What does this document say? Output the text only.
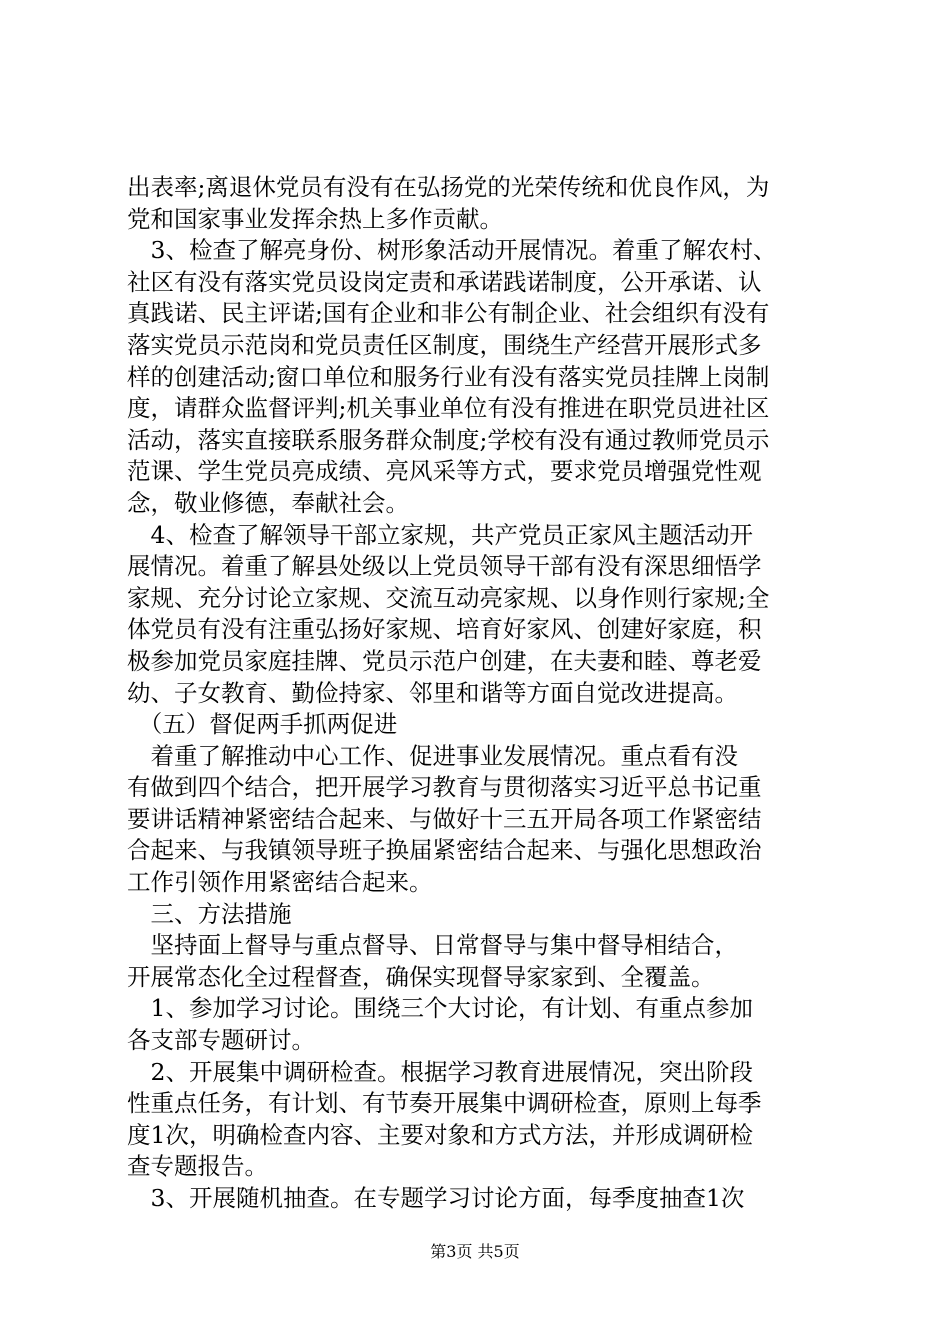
出表率;离退休党员有没有在弘扬党的光荣传统和优良作风，为
党和国家事业发挥余热上多作贡献。
　3、检查了解亮身份、树形象活动开展情况。着重了解农村、
社区有没有落实党员设岗定责和承诺践诺制度，公开承诺、认
真践诺、民主评诺;国有企业和非公有制企业、社会组织有没有
落实党员示范岗和党员责任区制度，围绕生产经营开展形式多
样的创建活动;窗口单位和服务行业有没有落实党员挂牌上岗制
度，请群众监督评判;机关事业单位有没有推进在职党员进社区
活动，落实直接联系服务群众制度;学校有没有通过教师党员示
范课、学生党员亮成绩、亮风采等方式，要求党员增强党性观
念，敬业修德，奉献社会。
　4、检查了解领导干部立家规，共产党员正家风主题活动开
展情况。着重了解县处级以上党员领导干部有没有深思细悟学
家规、充分讨论立家规、交流互动亮家规、以身作则行家规;全
体党员有没有注重弘扬好家规、培育好家风、创建好家庭，积
极参加党员家庭挂牌、党员示范户创建，在夫妻和睦、尊老爱
幼、子女教育、勤俭持家、邻里和谐等方面自觉改进提高。
　（五）督促两手抓两促进
　着重了解推动中心工作、促进事业发展情况。重点看有没
有做到四个结合，把开展学习教育与贯彻落实习近平总书记重
要讲话精神紧密结合起来、与做好十三五开局各项工作紧密结
合起来、与我镇领导班子换届紧密结合起来、与强化思想政治
工作引领作用紧密结合起来。
　三、方法措施
　坚持面上督导与重点督导、日常督导与集中督导相结合，
开展常态化全过程督查，确保实现督导家家到、全覆盖。
　1、参加学习讨论。围绕三个大讨论，有计划、有重点参加
各支部专题研讨。
　2、开展集中调研检查。根据学习教育进展情况，突出阶段
性重点任务，有计划、有节奏开展集中调研检查，原则上每季
度1次，明确检查内容、主要对象和方式方法，并形成调研检
查专题报告。
　3、开展随机抽查。在专题学习讨论方面，每季度抽查1次
第3页 共5页
